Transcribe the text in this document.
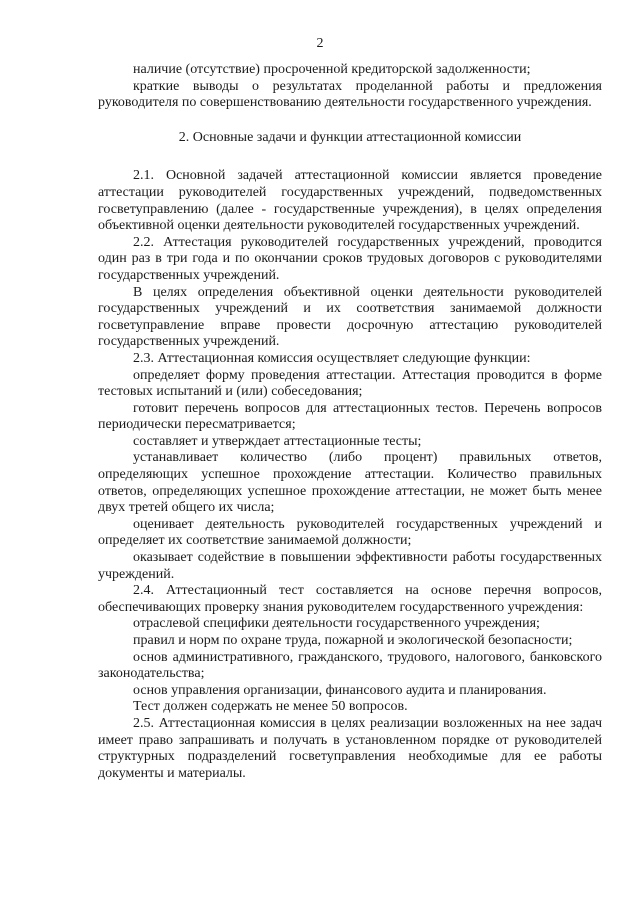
2

наличие (отсутствие) просроченной кредиторской задолженности;

краткие выводы о результатах проделанной работы и предложения руководителя по совершенствованию деятельности государственного учреждения.

2. Основные задачи и функции аттестационной комиссии

2.1. Основной задачей аттестационной комиссии является проведение аттестации руководителей государственных учреждений, подведомственных госветуправлению (далее - государственные учреждения), в целях определения объективной оценки деятельности руководителей государственных учреждений.

2.2. Аттестация руководителей государственных учреждений, проводится один раз в три года и по окончании сроков трудовых договоров с руководителями государственных учреждений.

В целях определения объективной оценки деятельности руководителей государственных учреждений и их соответствия занимаемой должности госветуправление вправе провести досрочную аттестацию руководителей государственных учреждений.

2.3. Аттестационная комиссия осуществляет следующие функции:

определяет форму проведения аттестации. Аттестация проводится в форме тестовых испытаний и (или) собеседования;

готовит перечень вопросов для аттестационных тестов. Перечень вопросов периодически пересматривается;

составляет и утверждает аттестационные тесты;

устанавливает количество (либо процент) правильных ответов, определяющих успешное прохождение аттестации. Количество правильных ответов, определяющих успешное прохождение аттестации, не может быть менее двух третей общего их числа;

оценивает деятельность руководителей государственных учреждений и определяет их соответствие занимаемой должности;

оказывает содействие в повышении эффективности работы государственных учреждений.

2.4. Аттестационный тест составляется на основе перечня вопросов, обеспечивающих проверку знания руководителем государственного учреждения:

отраслевой специфики деятельности государственного учреждения;

правил и норм по охране труда, пожарной и экологической безопасности;

основ административного, гражданского, трудового, налогового, банковского законодательства;

основ управления организации, финансового аудита и планирования.

Тест должен содержать не менее 50 вопросов.

2.5. Аттестационная комиссия в целях реализации возложенных на нее задач имеет право запрашивать и получать в установленном порядке от руководителей структурных подразделений госветуправления необходимые для ее работы документы и материалы.
